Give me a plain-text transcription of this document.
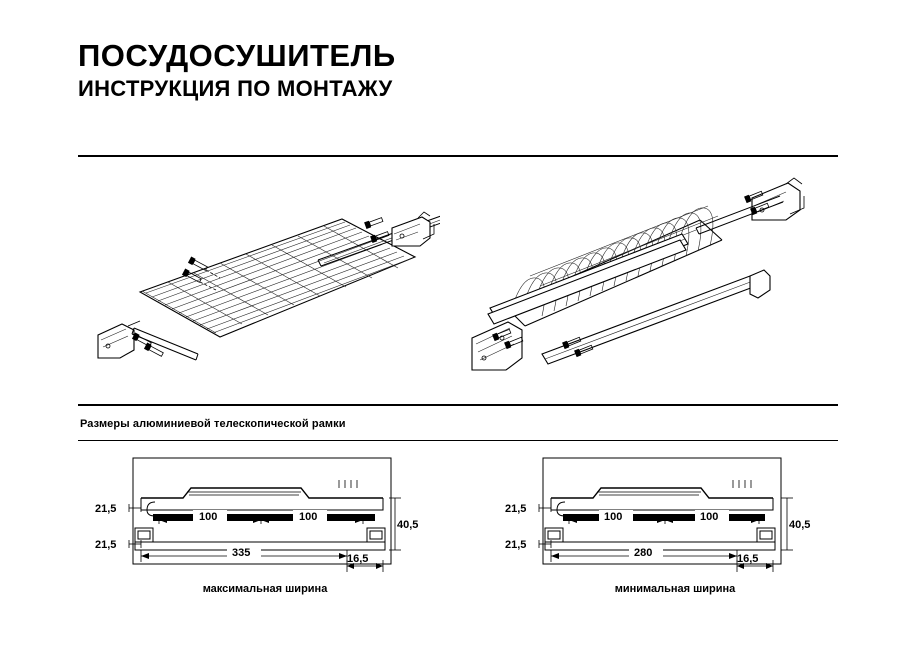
ПОСУДОСУШИТЕЛЬ
ИНСТРУКЦИЯ ПО МОНТАЖУ
Размеры алюминиевой телескопической рамки
21,5
21,5
100	100
335	16,5
40,5
максимальная ширина
21,5
21,5
100	100
280	16,5
40,5
минимальная ширина
